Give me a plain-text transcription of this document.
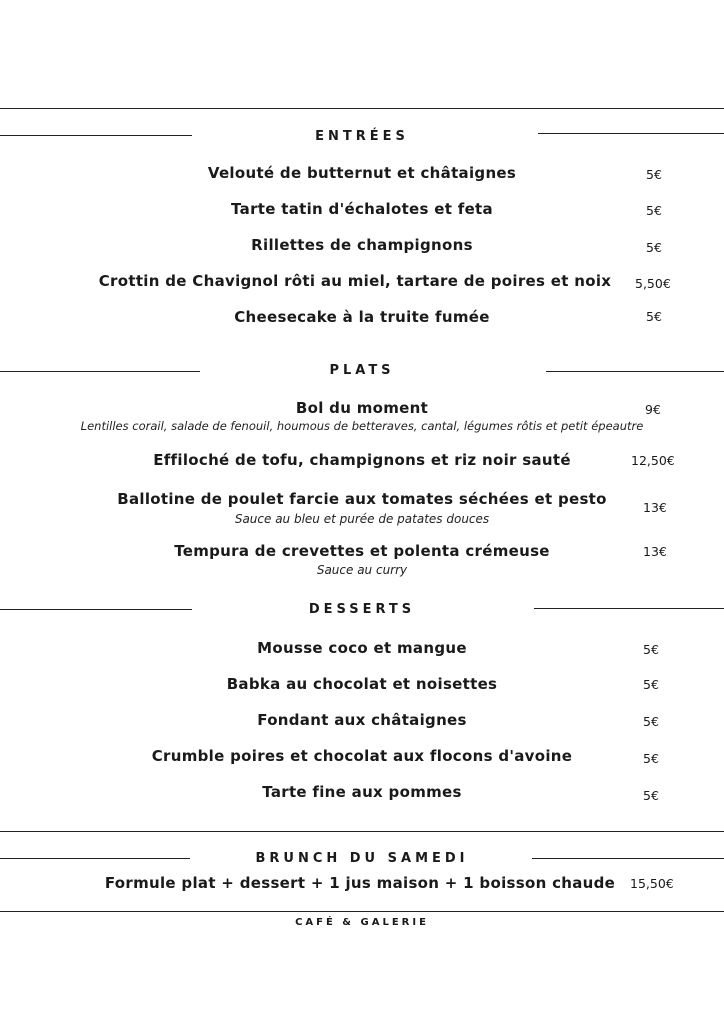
ENTRÉES
Velouté de butternut et châtaignes	5€
Tarte tatin d'échalotes et feta	5€
Rillettes de champignons	5€
Crottin de Chavignol rôti au miel, tartare de poires et noix	5,50€
Cheesecake à la truite fumée	5€
PLATS
Bol du moment	9€
Lentilles corail, salade de fenouil, houmous de betteraves, cantal, légumes rôtis et petit épeautre
Effiloché de tofu, champignons et riz noir sauté	12,50€
Ballotine de poulet farcie aux tomates séchées et pesto	13€
Sauce au bleu et purée de patates douces
Tempura de crevettes et polenta crémeuse	13€
Sauce au curry
DESSERTS
Mousse coco et mangue	5€
Babka au chocolat et noisettes	5€
Fondant aux châtaignes	5€
Crumble poires et chocolat aux flocons d'avoine	5€
Tarte fine aux pommes	5€
BRUNCH DU SAMEDI
Formule plat + dessert + 1 jus maison + 1 boisson chaude	15,50€
CAFÉ & GALERIE
